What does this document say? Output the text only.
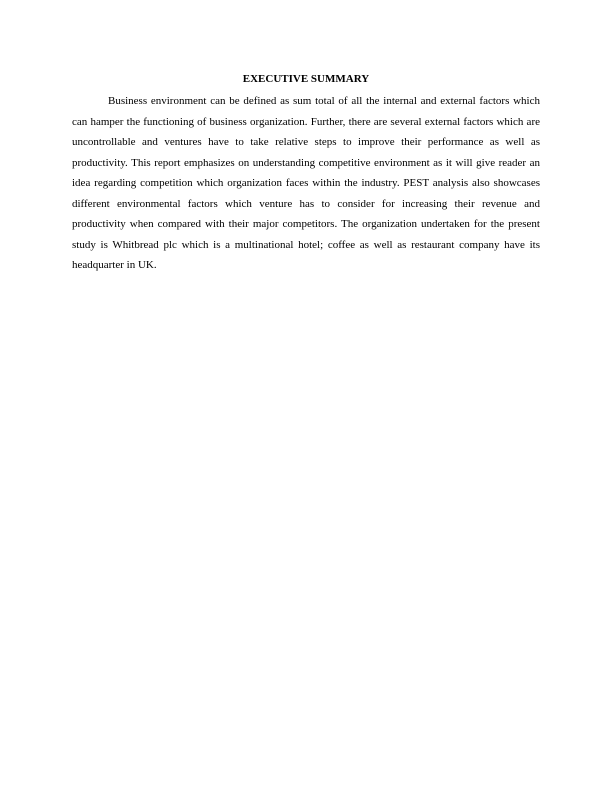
EXECUTIVE SUMMARY

Business environment can be defined as sum total of all the internal and external factors which can hamper the functioning of business organization. Further, there are several external factors which are uncontrollable and ventures have to take relative steps to improve their performance as well as productivity. This report emphasizes on understanding competitive environment as it will give reader an idea regarding competition which organization faces within the industry. PEST analysis also showcases different environmental factors which venture has to consider for increasing their revenue and productivity when compared with their major competitors. The organization undertaken for the present study is Whitbread plc which is a multinational hotel; coffee as well as restaurant company have its headquarter in UK.
